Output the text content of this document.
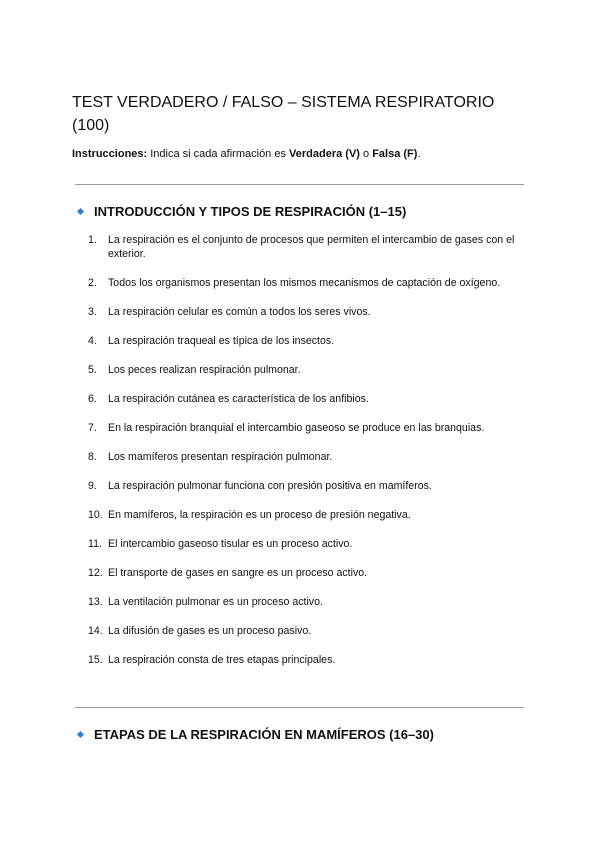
TEST VERDADERO / FALSO – SISTEMA RESPIRATORIO (100)
Instrucciones: Indica si cada afirmación es Verdadera (V) o Falsa (F).
INTRODUCCIÓN Y TIPOS DE RESPIRACIÓN (1–15)
1.	La respiración es el conjunto de procesos que permiten el intercambio de gases con el exterior.
2.	Todos los organismos presentan los mismos mecanismos de captación de oxígeno.
3.	La respiración celular es común a todos los seres vivos.
4.	La respiración traqueal es típica de los insectos.
5.	Los peces realizan respiración pulmonar.
6.	La respiración cutánea es característica de los anfibios.
7.	En la respiración branquial el intercambio gaseoso se produce en las branquias.
8.	Los mamíferos presentan respiración pulmonar.
9.	La respiración pulmonar funciona con presión positiva en mamíferos.
10. En mamíferos, la respiración es un proceso de presión negativa.
11. El intercambio gaseoso tisular es un proceso activo.
12. El transporte de gases en sangre es un proceso activo.
13. La ventilación pulmonar es un proceso activo.
14. La difusión de gases es un proceso pasivo.
15. La respiración consta de tres etapas principales.
ETAPAS DE LA RESPIRACIÓN EN MAMÍFEROS (16–30)
